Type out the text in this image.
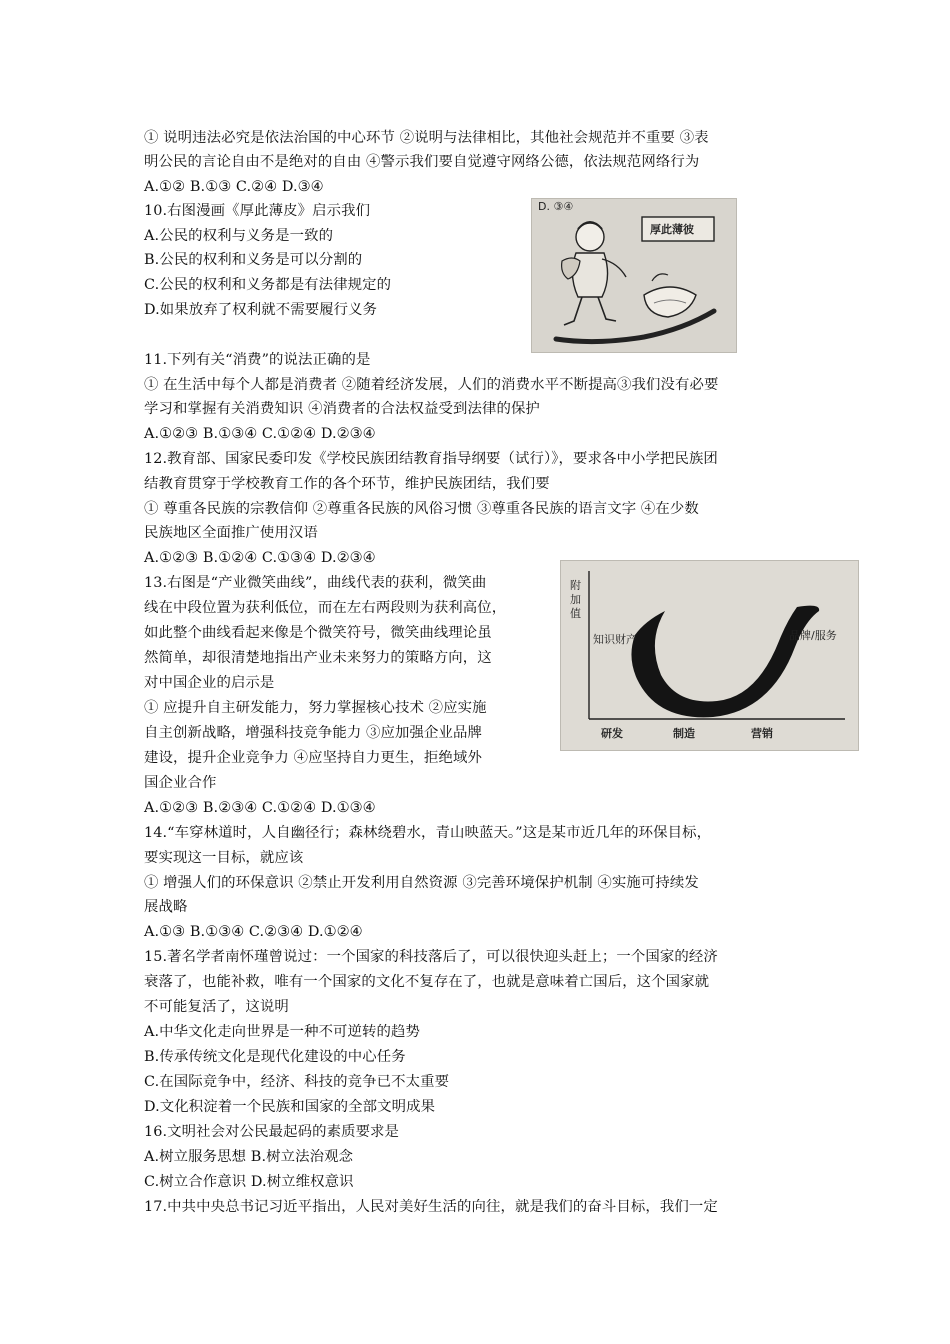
① 说明违法必究是依法治国的中心环节 ②说明与法律相比，其他社会规范并不重要 ③表
明公民的言论自由不是绝对的自由 ④警示我们要自觉遵守网络公德，依法规范网络行为
A.①② B.①③ C.②④ D.③④
10.右图漫画《厚此薄皮》启示我们
A.公民的权利与义务是一致的
B.公民的权利和义务是可以分割的
C.公民的权利和义务都是有法律规定的
D.如果放弃了权利就不需要履行义务
11.下列有关“消费”的说法正确的是
① 在生活中每个人都是消费者 ②随着经济发展，人们的消费水平不断提高③我们没有必要
学习和掌握有关消费知识 ④消费者的合法权益受到法律的保护
A.①②③ B.①③④ C.①②④ D.②③④
12.教育部、国家民委印发《学校民族团结教育指导纲要（试行）》，要求各中小学把民族团
结教育贯穿于学校教育工作的各个环节，维护民族团结，我们要
① 尊重各民族的宗教信仰 ②尊重各民族的风俗习惯 ③尊重各民族的语言文字 ④在少数
民族地区全面推广使用汉语
A.①②③ B.①②④ C.①③④ D.②③④
13.右图是“产业微笑曲线”，曲线代表的获利，微笑曲
线在中段位置为获利低位，而在左右两段则为获利高位，
如此整个曲线看起来像是个微笑符号，微笑曲线理论虽
然简单，却很清楚地指出产业未来努力的策略方向，这
对中国企业的启示是
① 应提升自主研发能力，努力掌握核心技术 ②应实施
自主创新战略，增强科技竞争能力 ③应加强企业品牌
建设，提升企业竞争力 ④应坚持自力更生，拒绝域外
国企业合作
A.①②③ B.②③④ C.①②④ D.①③④
14.“车穿林道时，人自幽径行；森林绕碧水，青山映蓝天。”这是某市近几年的环保目标，
要实现这一目标，就应该
① 增强人们的环保意识 ②禁止开发利用自然资源 ③完善环境保护机制 ④实施可持续发
展战略
A.①③ B.①③④ C.②③④ D.①②④
15.著名学者南怀瑾曾说过：一个国家的科技落后了，可以很快迎头赶上；一个国家的经济
衰落了，也能补救，唯有一个国家的文化不复存在了，也就是意味着亡国后，这个国家就
不可能复活了，这说明
A.中华文化走向世界是一种不可逆转的趋势
B.传承传统文化是现代化建设的中心任务
C.在国际竞争中，经济、科技的竞争已不太重要
D.文化积淀着一个民族和国家的全部文明成果
16.文明社会对公民最起码的素质要求是
A.树立服务思想 B.树立法治观念
C.树立合作意识 D.树立维权意识
17.中共中央总书记习近平指出，人民对美好生活的向往，就是我们的奋斗目标，我们一定
D. ③④
厚此薄彼
附
加
值
知识财产	品牌/服务
研发	制造	营销
